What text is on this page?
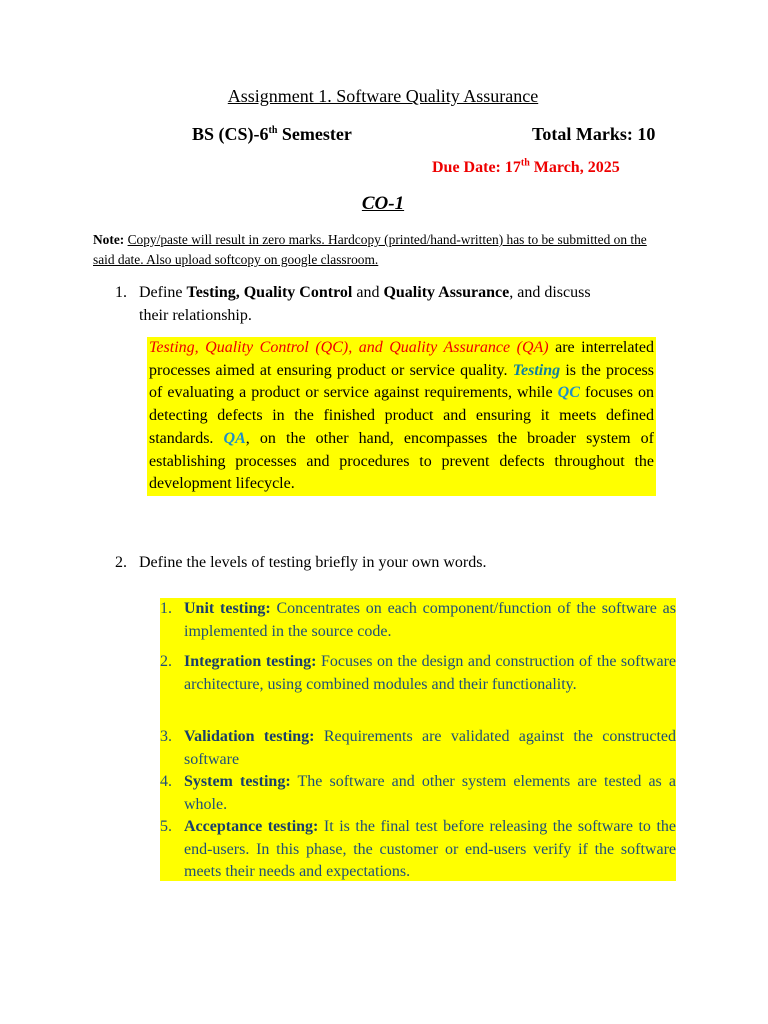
Assignment 1. Software Quality Assurance
BS (CS)-6th Semester	Total Marks: 10
Due Date: 17th March, 2025
CO-1
Note: Copy/paste will result in zero marks. Hardcopy (printed/hand-written) has to be submitted on the said date. Also upload softcopy on google classroom.
1. Define Testing, Quality Control and Quality Assurance, and discuss their relationship.
Testing, Quality Control (QC), and Quality Assurance (QA) are interrelated processes aimed at ensuring product or service quality. Testing is the process of evaluating a product or service against requirements, while QC focuses on detecting defects in the finished product and ensuring it meets defined standards. QA, on the other hand, encompasses the broader system of establishing processes and procedures to prevent defects throughout the development lifecycle.
2. Define the levels of testing briefly in your own words.
1. Unit testing: Concentrates on each component/function of the software as implemented in the source code.
2. Integration testing: Focuses on the design and construction of the software architecture, using combined modules and their functionality.
3. Validation testing: Requirements are validated against the constructed software
4. System testing: The software and other system elements are tested as a whole.
5. Acceptance testing: It is the final test before releasing the software to the end-users. In this phase, the customer or end-users verify if the software meets their needs and expectations.
